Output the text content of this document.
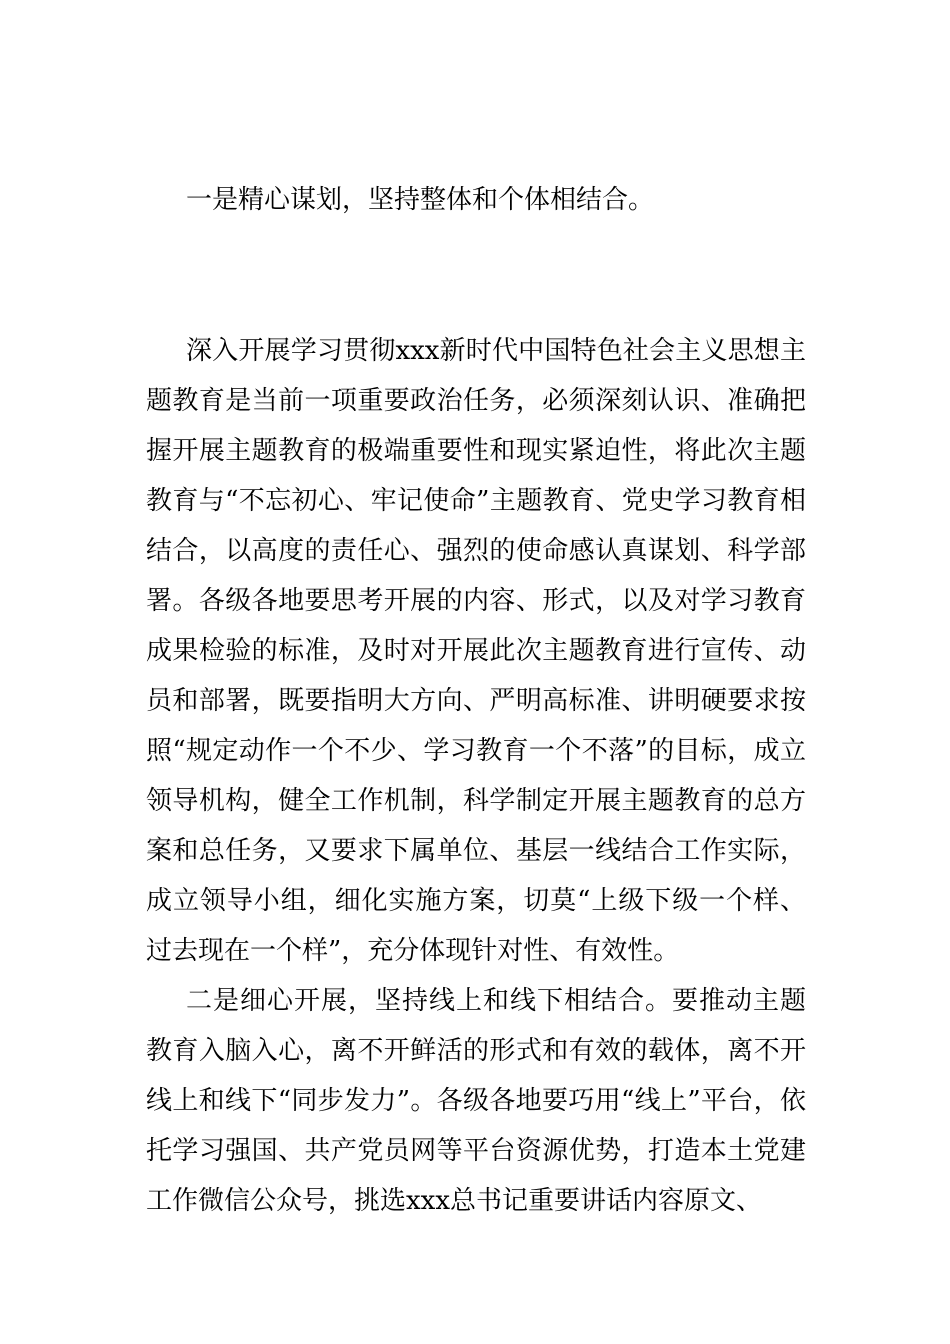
一是精心谋划，坚持整体和个体相结合。

深入开展学习贯彻xxx新时代中国特色社会主义思想主题教育是当前一项重要政治任务，必须深刻认识、准确把握开展主题教育的极端重要性和现实紧迫性，将此次主题教育与“不忘初心、牢记使命”主题教育、党史学习教育相结合，以高度的责任心、强烈的使命感认真谋划、科学部署。各级各地要思考开展的内容、形式，以及对学习教育成果检验的标准，及时对开展此次主题教育进行宣传、动员和部署，既要指明大方向、严明高标准、讲明硬要求按照“规定动作一个不少、学习教育一个不落”的目标，成立领导机构，健全工作机制，科学制定开展主题教育的总方案和总任务，又要求下属单位、基层一线结合工作实际，成立领导小组，细化实施方案，切莫“上级下级一个样、过去现在一个样”，充分体现针对性、有效性。

二是细心开展，坚持线上和线下相结合。要推动主题教育入脑入心，离不开鲜活的形式和有效的载体，离不开线上和线下“同步发力”。各级各地要巧用“线上”平台，依托学习强国、共产党员网等平台资源优势，打造本土党建工作微信公众号，挑选xxx总书记重要讲话内容原文、
